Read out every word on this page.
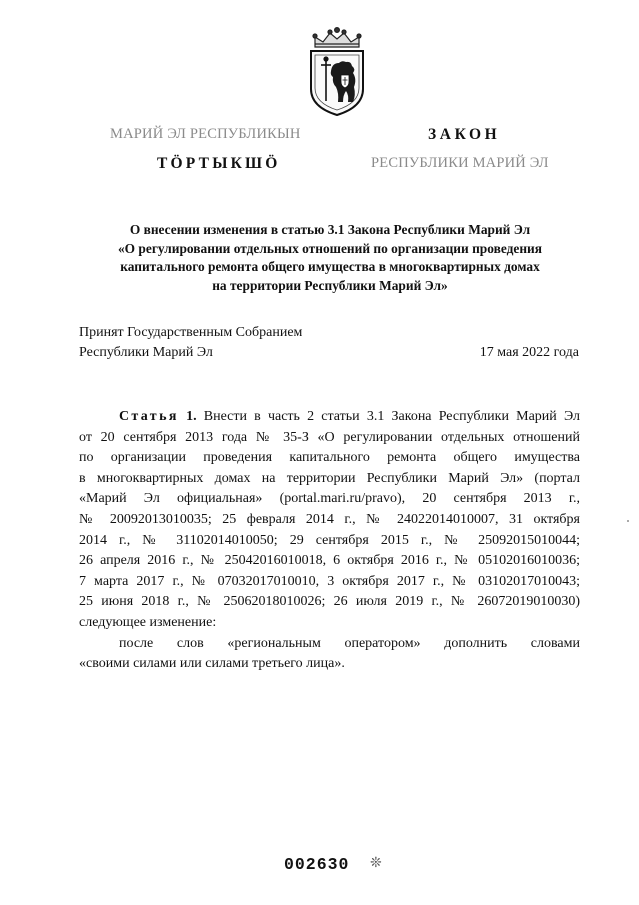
МАРИЙ ЭЛ РЕСПУБЛИКЫН
ТӦРТЫКШӦ
ЗАКОН
РЕСПУБЛИКИ МАРИЙ ЭЛ
О внесении изменения в статью 3.1 Закона Республики Марий Эл
«О регулировании отдельных отношений по организации проведения
капитального ремонта общего имущества в многоквартирных домах
на территории Республики Марий Эл»
Принят Государственным Собранием
Республики Марий Эл	17 мая 2022 года
Статья 1. Внести в часть 2 статьи 3.1 Закона Республики Марий Эл
от 20 сентября 2013 года № 35-З «О регулировании отдельных отношений
по организации проведения капитального ремонта общего имущества
в многоквартирных домах на территории Республики Марий Эл» (портал
«Марий Эл официальная» (portal.mari.ru/pravo), 20 сентября 2013 г.,
№ 20092013010035; 25 февраля 2014 г., № 24022014010007, 31 октября
2014 г., № 31102014010050; 29 сентября 2015 г., № 25092015010044;
26 апреля 2016 г., № 25042016010018, 6 октября 2016 г., № 05102016010036;
7 марта 2017 г., № 07032017010010, 3 октября 2017 г., № 03102017010043;
25 июня 2018 г., № 25062018010026; 26 июля 2019 г., № 26072019010030)
следующее изменение:
после слов «региональным оператором» дополнить словами
«своими силами или силами третьего лица».
002630 ❊
